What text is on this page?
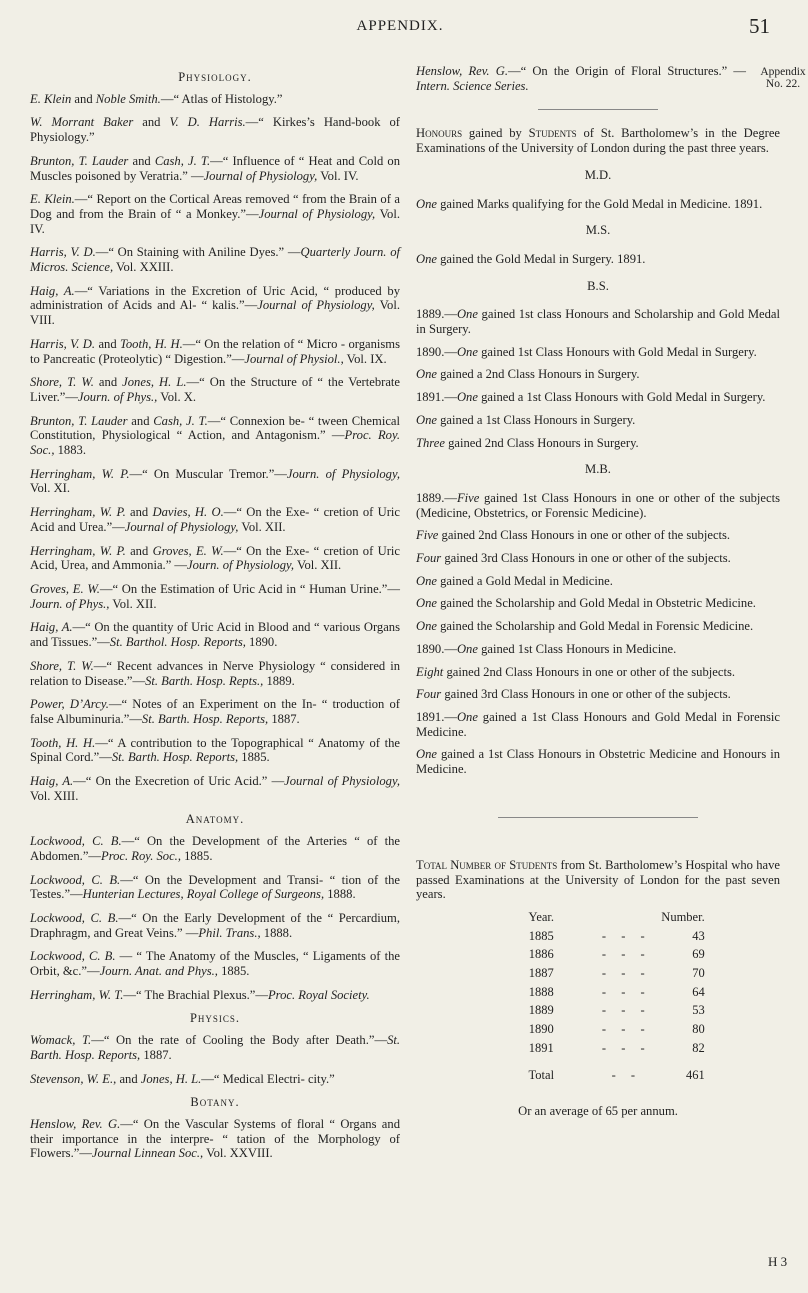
APPENDIX.	51
Appendix
No. 22.
Physiology.
E. Klein and Noble Smith.—“ Atlas of Histology.”
W. Morrant Baker and V. D. Harris.—“ Kirkes’s Hand-book of Physiology.”
Brunton, T. Lauder and Cash, J. T.—“ Influence of “ Heat and Cold on Muscles poisoned by Veratria.” —Journal of Physiology, Vol. IV.
E. Klein.—“ Report on the Cortical Areas removed “ from the Brain of a Dog and from the Brain of “ a Monkey.”—Journal of Physiology, Vol. IV.
Harris, V. D.—“ On Staining with Aniline Dyes.” —Quarterly Journ. of Micros. Science, Vol. XXIII.
Haig, A.—“ Variations in the Excretion of Uric Acid, “ produced by administration of Acids and Al- “ kalis.”—Journal of Physiology, Vol. VIII.
Harris, V. D. and Tooth, H. H.—“ On the relation of “ Micro - organisms to Pancreatic (Proteolytic) “ Digestion.”—Journal of Physiol., Vol. IX.
Shore, T. W. and Jones, H. L.—“ On the Structure of “ the Vertebrate Liver.”—Journ. of Phys., Vol. X.
Brunton, T. Lauder and Cash, J. T.—“ Connexion be- “ tween Chemical Constitution, Physiological “ Action, and Antagonism.” —Proc. Roy. Soc., 1883.
Herringham, W. P.—“ On Muscular Tremor.”—Journ. of Physiology, Vol. XI.
Herringham, W. P. and Davies, H. O.—“ On the Exe- “ cretion of Uric Acid and Urea.”—Journal of Physiology, Vol. XII.
Herringham, W. P. and Groves, E. W.—“ On the Exe- “ cretion of Uric Acid, Urea, and Ammonia.” —Journ. of Physiology, Vol. XII.
Groves, E. W.—“ On the Estimation of Uric Acid in “ Human Urine.”—Journ. of Phys., Vol. XII.
Haig, A.—“ On the quantity of Uric Acid in Blood and “ various Organs and Tissues.”—St. Barthol. Hosp. Reports, 1890.
Shore, T. W.—“ Recent advances in Nerve Physiology “ considered in relation to Disease.”—St. Barth. Hosp. Repts., 1889.
Power, D’Arcy.—“ Notes of an Experiment on the In- “ troduction of false Albuminuria.”—St. Barth. Hosp. Reports, 1887.
Tooth, H. H.—“ A contribution to the Topographical “ Anatomy of the Spinal Cord.”—St. Barth. Hosp. Reports, 1885.
Haig, A.—“ On the Execretion of Uric Acid.” —Journal of Physiology, Vol. XIII.
Anatomy.
Lockwood, C. B.—“ On the Development of the Arteries “ of the Abdomen.”—Proc. Roy. Soc., 1885.
Lockwood, C. B.—“ On the Development and Transi- “ tion of the Testes.”—Hunterian Lectures, Royal College of Surgeons, 1888.
Lockwood, C. B.—“ On the Early Development of the “ Percardium, Draphragm, and Great Veins.” —Phil. Trans., 1888.
Lockwood, C. B. — “ The Anatomy of the Muscles, “ Ligaments of the Orbit, &c.”—Journ. Anat. and Phys., 1885.
Herringham, W. T.—“ The Brachial Plexus.”—Proc. Royal Society.
Physics.
Womack, T.—“ On the rate of Cooling the Body after Death.”—St. Barth. Hosp. Reports, 1887.
Stevenson, W. E., and Jones, H. L.—“ Medical Electri- city.”
Botany.
Henslow, Rev. G.—“ On the Vascular Systems of floral “ Organs and their importance in the interpre- “ tation of the Morphology of Flowers.”—Journal Linnean Soc., Vol. XXVIII.
Henslow, Rev. G.—“ On the Origin of Floral Structures.” —Intern. Science Series.
Honours gained by Students of St. Bartholomew’s in the Degree Examinations of the University of London during the past three years.
M.D.
One gained Marks qualifying for the Gold Medal in Medicine. 1891.
M.S.
One gained the Gold Medal in Surgery. 1891.
B.S.
1889.—One gained 1st class Honours and Scholarship and Gold Medal in Surgery.
1890.—One gained 1st Class Honours with Gold Medal in Surgery.
One gained a 2nd Class Honours in Surgery.
1891.—One gained a 1st Class Honours with Gold Medal in Surgery.
One gained a 1st Class Honours in Surgery.
Three gained 2nd Class Honours in Surgery.
M.B.
1889.—Five gained 1st Class Honours in one or other of the subjects (Medicine, Obstetrics, or Forensic Medicine).
Five gained 2nd Class Honours in one or other of the subjects.
Four gained 3rd Class Honours in one or other of the subjects.
One gained a Gold Medal in Medicine.
One gained the Scholarship and Gold Medal in Obstetric Medicine.
One gained the Scholarship and Gold Medal in Forensic Medicine.
1890.—One gained 1st Class Honours in Medicine.
Eight gained 2nd Class Honours in one or other of the subjects.
Four gained 3rd Class Honours in one or other of the subjects.
1891.—One gained a 1st Class Honours and Gold Medal in Forensic Medicine.
One gained a 1st Class Honours in Obstetric Medicine and Honours in Medicine.
Total Number of Students from St. Bartholomew’s Hospital who have passed Examinations at the University of London for the past seven years.
Year.		Number.
1885	- - -	43
1886	- - -	69
1887	- - -	70
1888	- - -	64
1889	- - -	53
1890	- - -	80
1891	- - -	82
Total	- -	461
Or an average of 65 per annum.
H 3
